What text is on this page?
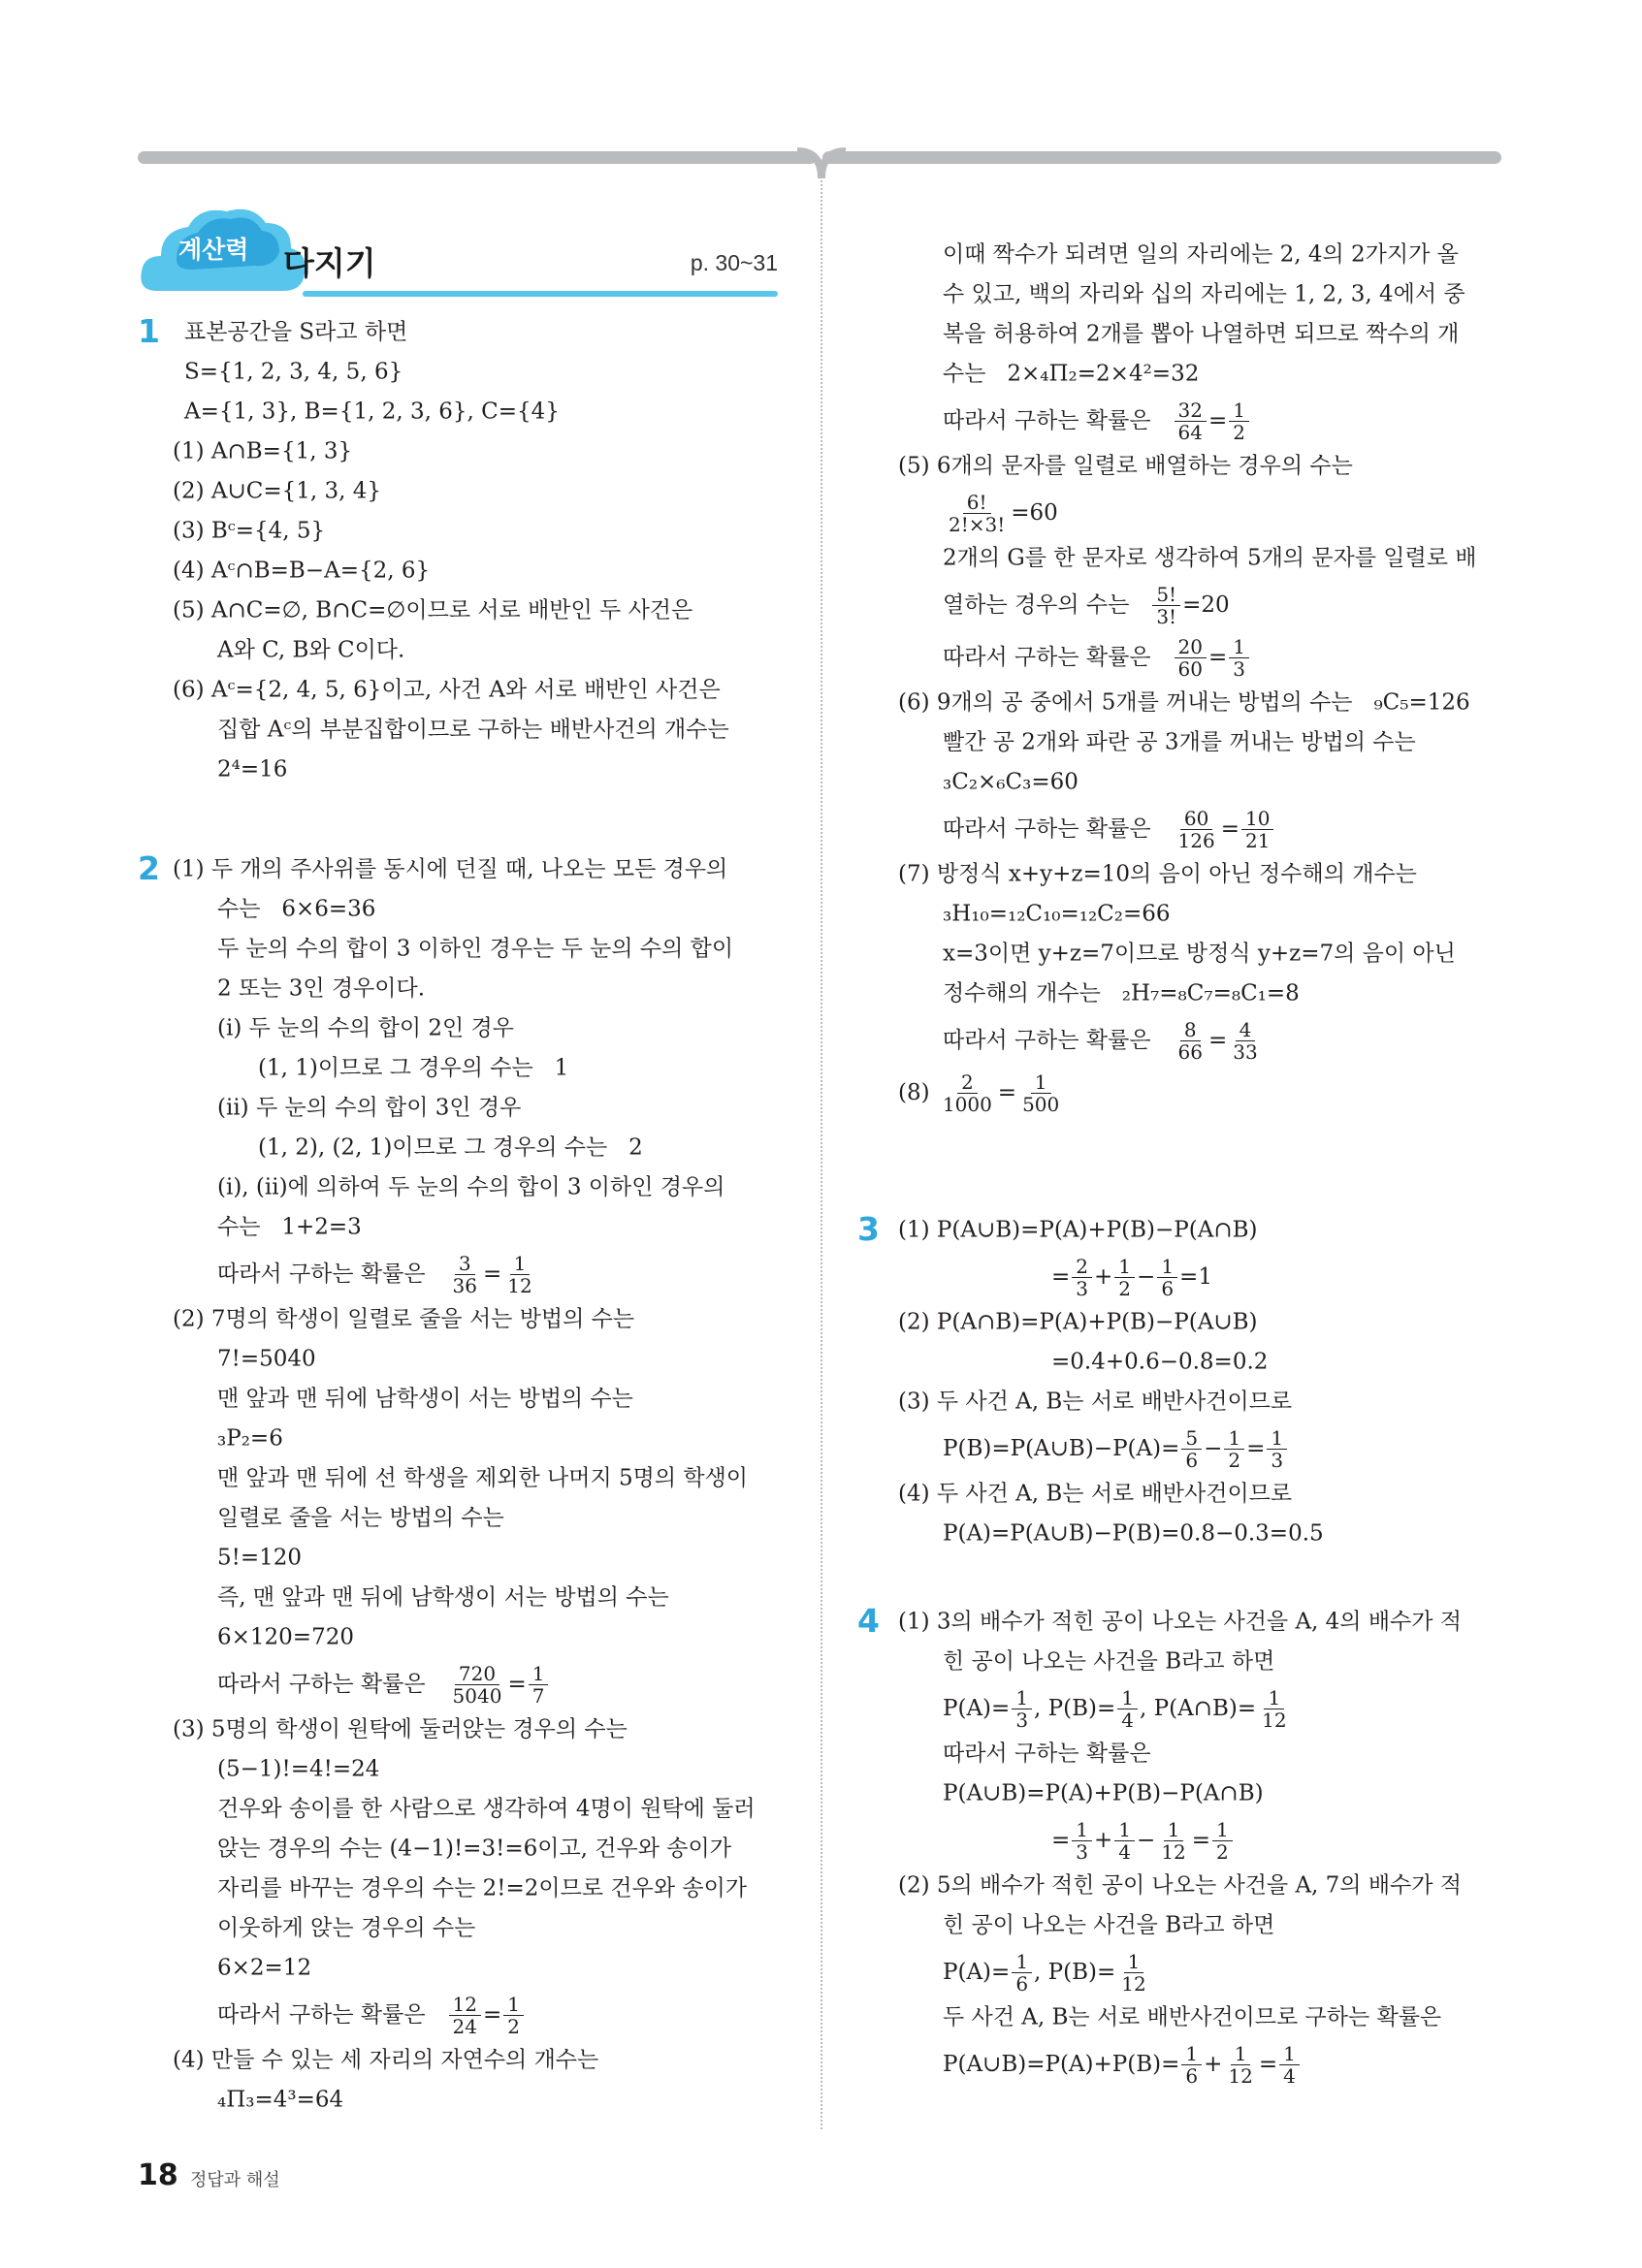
계산력 다지기	p. 30~31
1	표본공간을 S라고 하면
S={1, 2, 3, 4, 5, 6}
A={1, 3}, B={1, 2, 3, 6}, C={4}
(1) A∩B={1, 3}
(2) A∪C={1, 3, 4}
(3) Bᶜ={4, 5}
(4) Aᶜ∩B=B−A={2, 6}
(5) A∩C=∅, B∩C=∅이므로 서로 배반인 두 사건은
A와 C, B와 C이다.
(6) Aᶜ={2, 4, 5, 6}이고, 사건 A와 서로 배반인 사건은
집합 Aᶜ의 부분집합이므로 구하는 배반사건의 개수는
2⁴=16
2 (1) 두 개의 주사위를 동시에 던질 때, 나오는 모든 경우의
수는   6×6=36
두 눈의 수의 합이 3 이하인 경우는 두 눈의 수의 합이
2 또는 3인 경우이다.
(ⅰ) 두 눈의 수의 합이 2인 경우
(1, 1)이므로 그 경우의 수는   1
(ⅱ) 두 눈의 수의 합이 3인 경우
(1, 2), (2, 1)이므로 그 경우의 수는   2
(ⅰ), (ⅱ)에 의하여 두 눈의 수의 합이 3 이하인 경우의
수는   1+2=3
따라서 구하는 확률은 $\frac{3}{36} = \frac{1}{12}$
(2) 7명의 학생이 일렬로 줄을 서는 방법의 수는
7!=5040
맨 앞과 맨 뒤에 남학생이 서는 방법의 수는
₃P₂=6
맨 앞과 맨 뒤에 선 학생을 제외한 나머지 5명의 학생이
일렬로 줄을 서는 방법의 수는
5!=120
즉, 맨 앞과 맨 뒤에 남학생이 서는 방법의 수는
6×120=720
따라서 구하는 확률은 $\frac{720}{5040} = \frac{1}{7}$
(3) 5명의 학생이 원탁에 둘러앉는 경우의 수는
(5−1)!=4!=24
건우와 송이를 한 사람으로 생각하여 4명이 원탁에 둘러
앉는 경우의 수는 (4−1)!=3!=6이고, 건우와 송이가
자리를 바꾸는 경우의 수는 2!=2이므로 건우와 송이가
이웃하게 앉는 경우의 수는
6×2=12
따라서 구하는 확률은 $\frac{12}{24} = \frac{1}{2}$
(4) 만들 수 있는 세 자리의 자연수의 개수는
₄Π₃=4³=64
이때 짝수가 되려면 일의 자리에는 2, 4의 2가지가 올
수 있고, 백의 자리와 십의 자리에는 1, 2, 3, 4에서 중
복을 허용하여 2개를 뽑아 나열하면 되므로 짝수의 개
수는   2×₄Π₂=2×4²=32
따라서 구하는 확률은 $\frac{32}{64} = \frac{1}{2}$
(5) 6개의 문자를 일렬로 배열하는 경우의 수는
$\frac{6!}{2!\times 3!} =60$
2개의 G를 한 문자로 생각하여 5개의 문자를 일렬로 배
열하는 경우의 수는 $\frac{5!}{3!} =20$
따라서 구하는 확률은 $\frac{20}{60} = \frac{1}{3}$
(6) 9개의 공 중에서 5개를 꺼내는 방법의 수는   ₉C₅=126
빨간 공 2개와 파란 공 3개를 꺼내는 방법의 수는
₃C₂×₆C₃=60
따라서 구하는 확률은 $\frac{60}{126} = \frac{10}{21}$
(7) 방정식 x+y+z=10의 음이 아닌 정수해의 개수는
₃H₁₀=₁₂C₁₀=₁₂C₂=66
x=3이면 y+z=7이므로 방정식 y+z=7의 음이 아닌
정수해의 개수는   ₂H₇=₈C₇=₈C₁=8
따라서 구하는 확률은 $\frac{8}{66} = \frac{4}{33}$
$(8) \frac{2}{1000} = \frac{1}{500}$
3 (1) P(A∪B)=P(A)+P(B)−P(A∩B)
= $\frac{2}{3} + \frac{1}{2} - \frac{1}{6} =1$
(2) P(A∩B)=P(A)+P(B)−P(A∪B)
=0.4+0.6−0.8=0.2
(3) 두 사건 A, B는 서로 배반사건이므로
P(B)=P(A∪B)−P(A)= $\frac{5}{6} - \frac{1}{2} = \frac{1}{3}$
(4) 두 사건 A, B는 서로 배반사건이므로
P(A)=P(A∪B)−P(B)=0.8−0.3=0.5
4 (1) 3의 배수가 적힌 공이 나오는 사건을 A, 4의 배수가 적
힌 공이 나오는 사건을 B라고 하면
$P(A)= \frac{1}{3}$ , $P(B)= \frac{1}{4}$ , P(A∩B)= $\frac{1}{12}$
따라서 구하는 확률은
P(A∪B)=P(A)+P(B)−P(A∩B)
= $\frac{1}{3} + \frac{1}{4} - \frac{1}{12} = \frac{1}{2}$
(2) 5의 배수가 적힌 공이 나오는 사건을 A, 7의 배수가 적
힌 공이 나오는 사건을 B라고 하면
$P(A)= \frac{1}{6}$ , $P(B)= \frac{1}{12}$
두 사건 A, B는 서로 배반사건이므로 구하는 확률은
P(A∪B)=P(A)+P(B)= $\frac{1}{6} + \frac{1}{12} = \frac{1}{4}$
18 정답과 해설
